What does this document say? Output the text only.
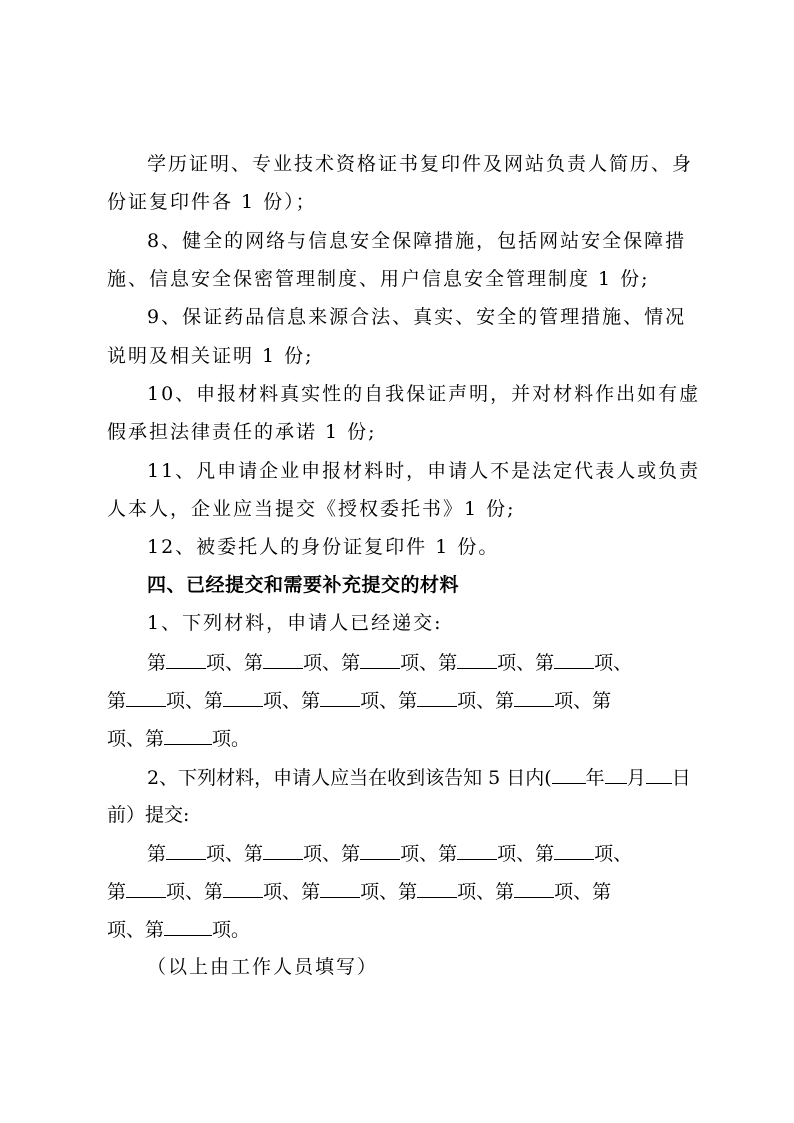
学历证明、专业技术资格证书复印件及网站负责人简历、身
份证复印件各 1 份）；
8、健全的网络与信息安全保障措施，包括网站安全保障措
施、信息安全保密管理制度、用户信息安全管理制度 1 份;
9、保证药品信息来源合法、真实、安全的管理措施、情况
说明及相关证明 1 份;
10、申报材料真实性的自我保证声明，并对材料作出如有虚
假承担法律责任的承诺 1 份;
11、凡申请企业申报材料时，申请人不是法定代表人或负责
人本人，企业应当提交《授权委托书》1 份;
12、被委托人的身份证复印件 1 份。
四、已经提交和需要补充提交的材料
1、下列材料，申请人已经递交:
第 项、第 项、第 项、第 项、第 项、
第 项、第 项、第 项、第 项、第 项、第
项、第	项。
2、下列材料，申请人应当在收到该告知 5 日内( 年 月 日
前）提交:
第 项、第 项、第 项、第 项、第 项、
第 项、第 项、第 项、第 项、第 项、第
项、第	项。
（以上由工作人员填写）
